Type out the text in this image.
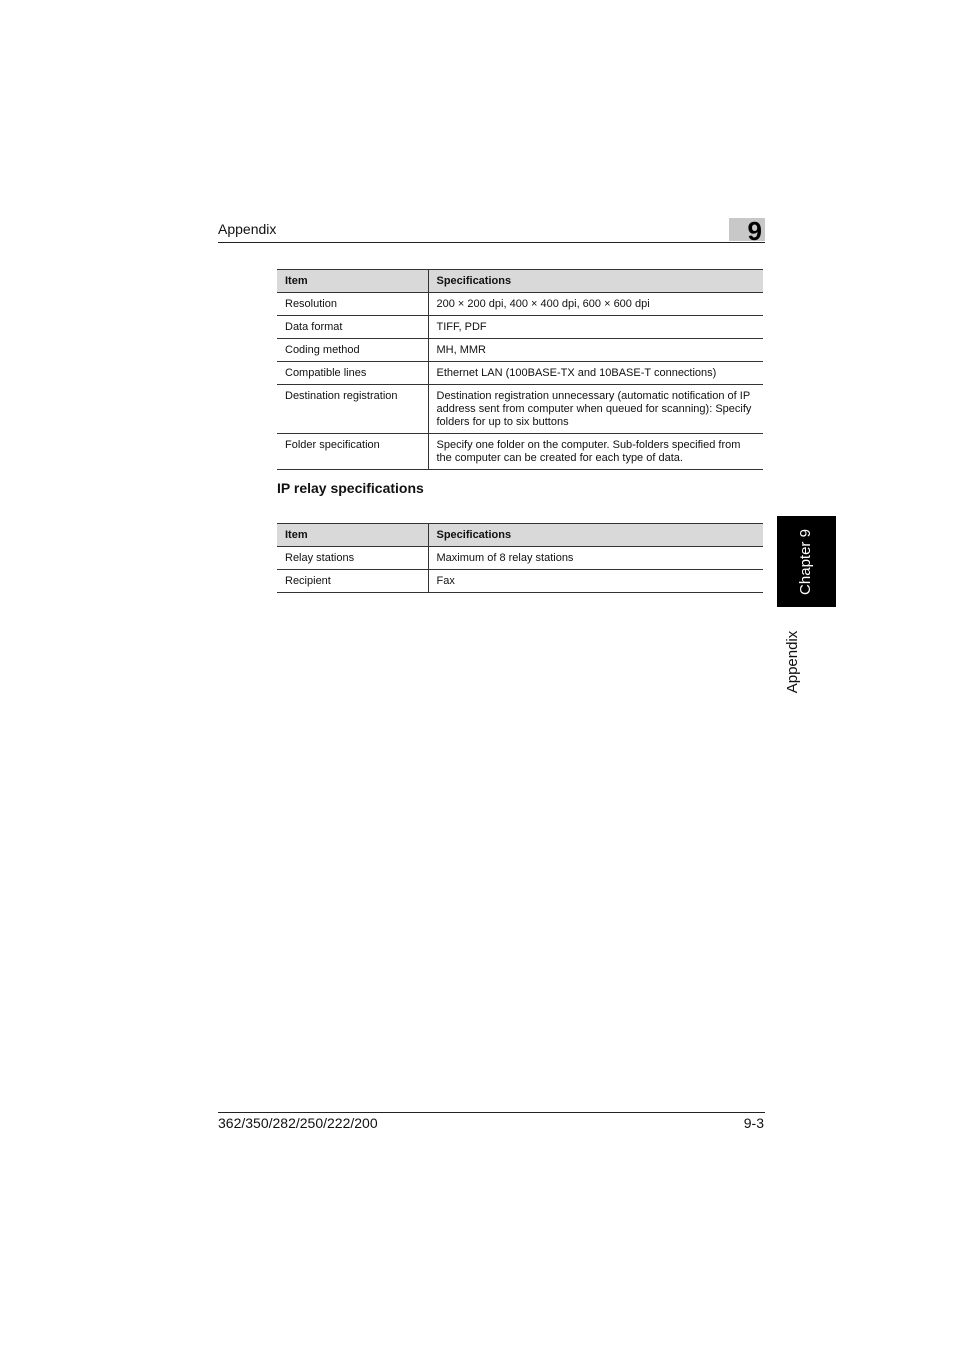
Appendix	9
Item	Specifications
Resolution	200 × 200 dpi, 400 × 400 dpi, 600 × 600 dpi
Data format	TIFF, PDF
Coding method	MH, MMR
Compatible lines	Ethernet LAN (100BASE-TX and 10BASE-T connections)
Destination registration	Destination registration unnecessary (automatic notification of IP address sent from computer when queued for scanning): Specify folders for up to six buttons
Folder specification	Specify one folder on the computer. Sub-folders specified from the computer can be created for each type of data.
IP relay specifications
Item	Specifications
Relay stations	Maximum of 8 relay stations
Recipient	Fax	Chapter 9
Appendix
362/350/282/250/222/200	9-3
